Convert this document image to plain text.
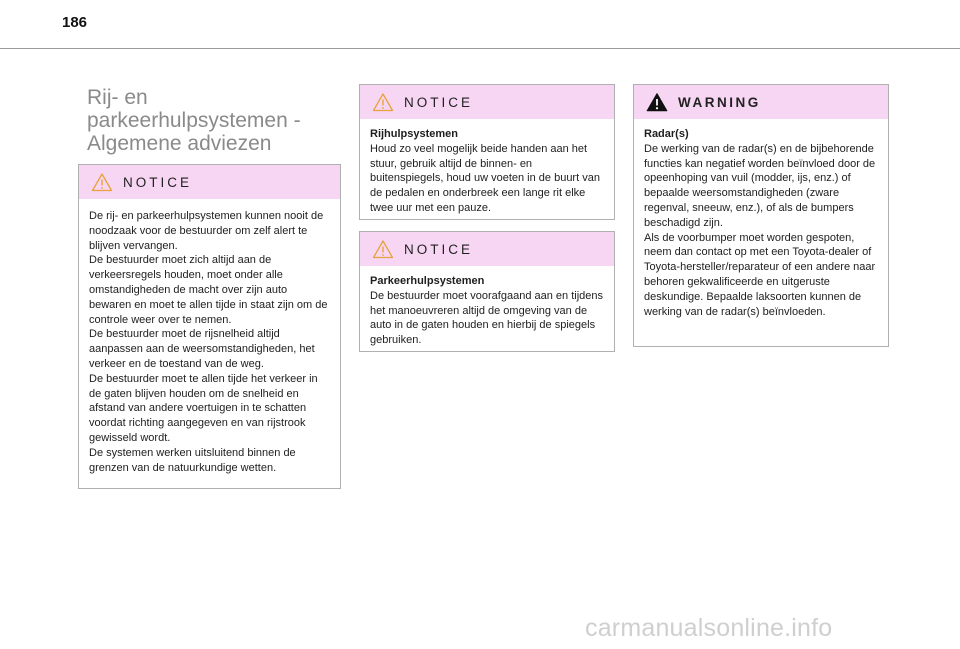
186
Rij- en
parkeerhulpsystemen -
Algemene adviezen
NOTICE

De rij- en parkeerhulpsystemen kunnen nooit de noodzaak voor de bestuurder om zelf alert te blijven vervangen.

De bestuurder moet zich altijd aan de verkeersregels houden, moet onder alle omstandigheden de macht over zijn auto bewaren en moet te allen tijde in staat zijn om de controle weer over te nemen.

De bestuurder moet de rijsnelheid altijd aanpassen aan de weersomstandigheden, het verkeer en de toestand van de weg.

De bestuurder moet te allen tijde het verkeer in de gaten blijven houden om de snelheid en afstand van andere voertuigen in te schatten voordat richting aangegeven en van rijstrook gewisseld wordt.

De systemen werken uitsluitend binnen de grenzen van de natuurkundige wetten.

NOTICE
Rijhulpsystemen

Houd zo veel mogelijk beide handen aan het stuur, gebruik altijd de binnen- en buitenspiegels, houd uw voeten in de buurt van de pedalen en onderbreek een lange rit elke twee uur met een pauze.

NOTICE
Parkeerhulpsystemen

De bestuurder moet voorafgaand aan en tijdens het manoeuvreren altijd de omgeving van de auto in de gaten houden en hierbij de spiegels gebruiken.

WARNING
Radar(s)

De werking van de radar(s) en de bijbehorende functies kan negatief worden beïnvloed door de opeenhoping van vuil (modder, ijs, enz.) of bepaalde weersomstandigheden (zware regenval, sneeuw, enz.), of als de bumpers beschadigd zijn.

Als de voorbumper moet worden gespoten, neem dan contact op met een Toyota-dealer of Toyota-hersteller/reparateur of een andere naar behoren gekwalificeerde en uitgeruste deskundige. Bepaalde laksoorten kunnen de werking van de radar(s) beïnvloeden.

carmanualsonline.info
